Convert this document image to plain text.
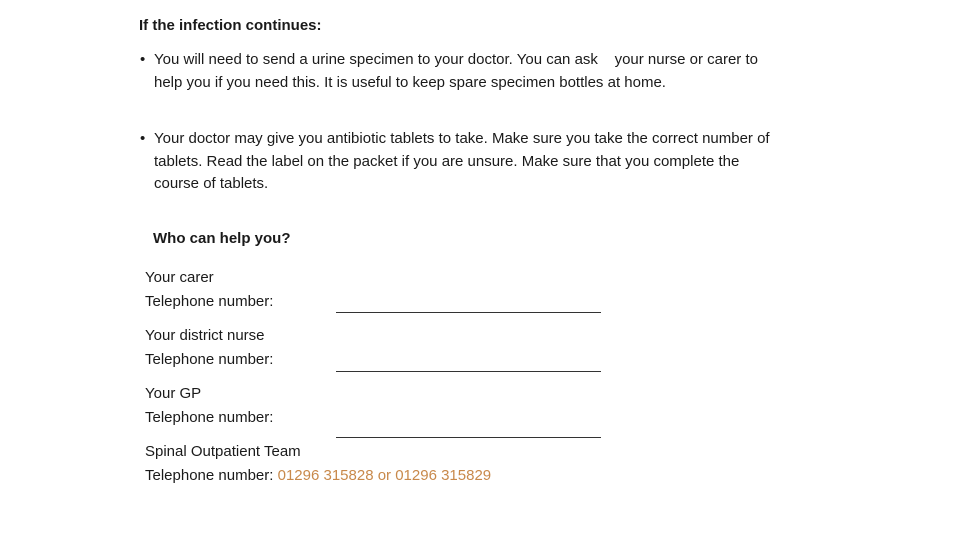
If the infection continues:
• You will need to send a urine specimen to your doctor. You can ask    your nurse or carer to help you if you need this. It is useful to keep spare specimen bottles at home.
• Your doctor may give you antibiotic tablets to take. Make sure you take the correct number of tablets. Read the label on the packet if you are unsure. Make sure that you complete the course of tablets.
Who can help you?
Your carer
Telephone number:
Your district nurse
Telephone number:
Your GP
Telephone number:
Spinal Outpatient Team
Telephone number: 01296 315828 or 01296 315829
